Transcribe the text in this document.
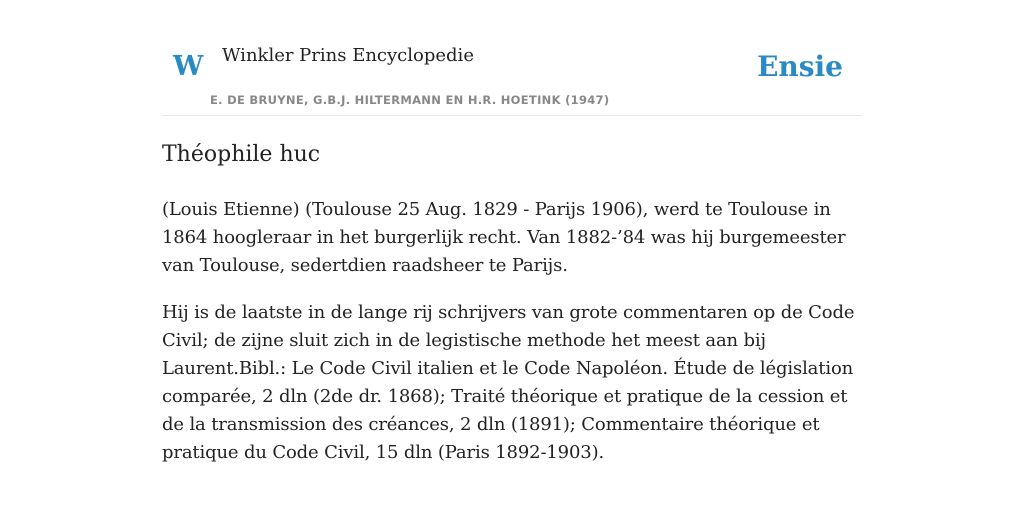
W Winkler Prins Encyclopedie
E. DE BRUYNE, G.B.J. HILTERMANN EN H.R. HOETINK (1947)
Ensie
Théophile huc

(Louis Etienne) (Toulouse 25 Aug. 1829 - Parijs 1906), werd te Toulouse in 1864 hoogleraar in het burgerlijk recht. Van 1882-’84 was hij burgemeester van Toulouse, sedertdien raadsheer te Parijs.

Hij is de laatste in de lange rij schrijvers van grote commentaren op de Code Civil; de zijne sluit zich in de legistische methode het meest aan bij Laurent.Bibl.: Le Code Civil italien et le Code Napoléon. Étude de législation comparée, 2 dln (2de dr. 1868); Traité théorique et pratique de la cession et de la transmission des créances, 2 dln (1891); Commentaire théorique et pratique du Code Civil, 15 dln (Paris 1892-1903).
